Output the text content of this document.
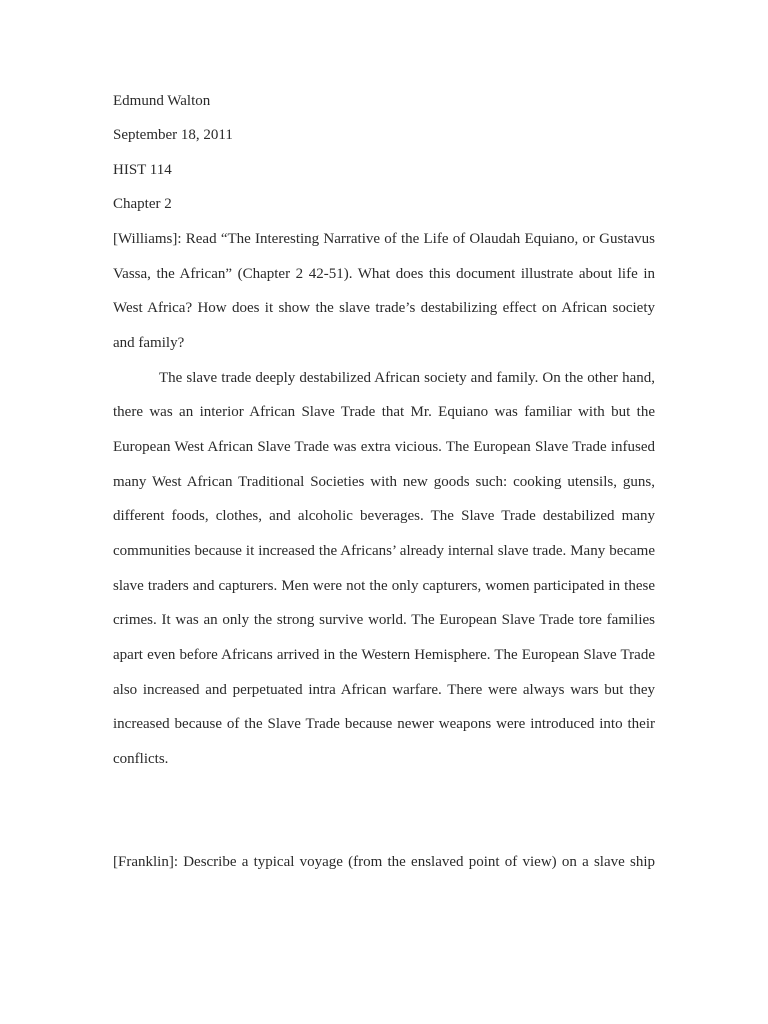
Edmund Walton
September 18, 2011
HIST 114
Chapter 2
[Williams]: Read “The Interesting Narrative of the Life of Olaudah Equiano, or Gustavus
Vassa, the African” (Chapter 2 42-51). What does this document illustrate about life in
West Africa? How does it show the slave trade’s destabilizing effect on African society
and family?
The slave trade deeply destabilized African society and family. On the other hand,
there was an interior African Slave Trade that Mr. Equiano was familiar with but the
European West African Slave Trade was extra vicious. The European Slave Trade infused
many West African Traditional Societies with new goods such: cooking utensils, guns,
different foods, clothes, and alcoholic beverages. The Slave Trade destabilized many
communities because it increased the Africans’ already internal slave trade. Many became
slave traders and capturers. Men were not the only capturers, women participated in these
crimes. It was an only the strong survive world. The European Slave Trade tore families
apart even before Africans arrived in the Western Hemisphere. The European Slave Trade
also increased and perpetuated intra African warfare. There were always wars but they
increased because of the Slave Trade because newer weapons were introduced into their
conflicts.
[Franklin]: Describe a typical voyage (from the enslaved point of view) on a slave ship
